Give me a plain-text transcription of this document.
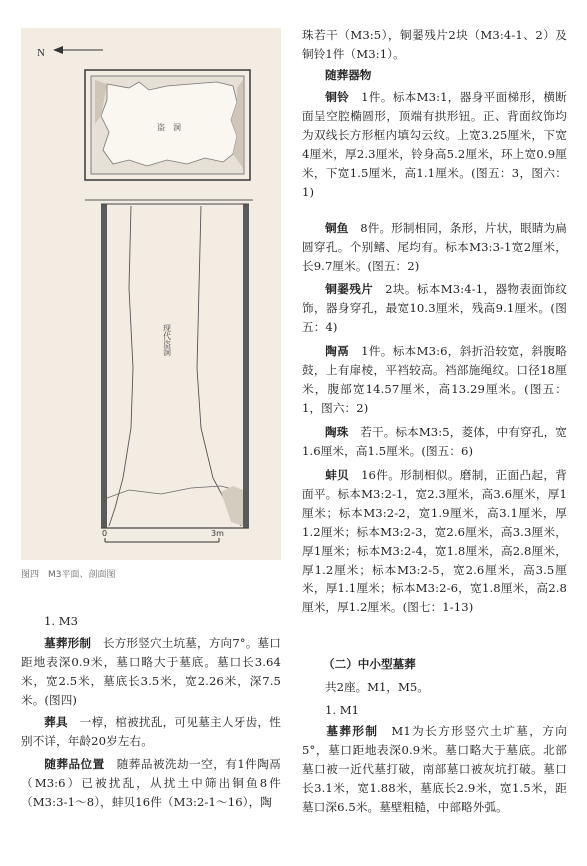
N
盗　洞
现代盗洞
0	3m
图四　M3平面、剖面图

1. M3

墓葬形制　 长方形竖穴土坑墓，方向7°。墓口距地表深0.9米，墓口略大于墓底。墓口长3.64米，宽2.5米，墓底长3.5米，宽2.26米，深7.5米。(图四)

葬具　 一椁，棺被扰乱，可见墓主人牙齿，性别不详，年龄20岁左右。

随葬品位置　 随葬品被洗劫一空，有1件陶鬲（M3:6）已被扰乱，从扰土中筛出铜鱼8件（M3:3-1～8），蚌贝16件（M3:2-1～16），陶

珠若干（M3:5），铜翣残片2块（M3:4-1、2）及铜铃1件（M3:1）。

随葬器物

铜铃　 1件。标本M3:1，器身平面梯形，横断面呈空腔椭圆形，顶端有拱形钮。正、背面纹饰均为双线长方形框内填勾云纹。上宽3.25厘米，下宽4厘米，厚2.3厘米，铃身高5.2厘米，环上宽0.9厘米，下宽1.5厘米，高1.1厘米。(图五：3，图六：1)

铜鱼　 8件。形制相同，条形，片状，眼睛为扁圆穿孔。个别鳍、尾均有。标本M3:3-1宽2厘米，长9.7厘米。(图五：2)

铜翣残片　 2块。标本M3:4-1，器物表面饰纹饰，器身穿孔，最宽10.3厘米，残高9.1厘米。(图五：4)

陶鬲　 1件。标本M3:6，斜折沿较宽，斜腹略鼓，上有扉棱，平裆较高。裆部施绳纹。口径18厘米，腹部宽14.57厘米，高13.29厘米。(图五：1，图六：2)

陶珠　 若干。标本M3:5，菱体，中有穿孔，宽1.6厘米，高1.5厘米。(图五：6)

蚌贝　 16件。形制相似。磨制，正面凸起，背面平。标本M3:2-1，宽2.3厘米，高3.6厘米，厚1厘米；标本M3:2-2，宽1.9厘米，高3.1厘米，厚1.2厘米；标本M3:2-3，宽2.6厘米，高3.3厘米，厚1厘米；标本M3:2-4，宽1.8厘米，高2.8厘米，厚1.2厘米；标本M3:2-5，宽2.6厘米，高3.5厘米，厚1.1厘米；标本M3:2-6，宽1.8厘米，高2.8厘米，厚1.2厘米。(图七：1-13)

（二）中小型墓葬

共2座。M1，M5。

1. M1

墓葬形制　 M1为长方形竖穴土圹墓，方向5°，墓口距地表深0.9米。墓口略大于墓底。北部墓口被一近代墓打破，南部墓口被灰坑打破。墓口长3.1米，宽1.88米，墓底长2.9米，宽1.5米，距墓口深6.5米。墓壁粗糙，中部略外弧。
